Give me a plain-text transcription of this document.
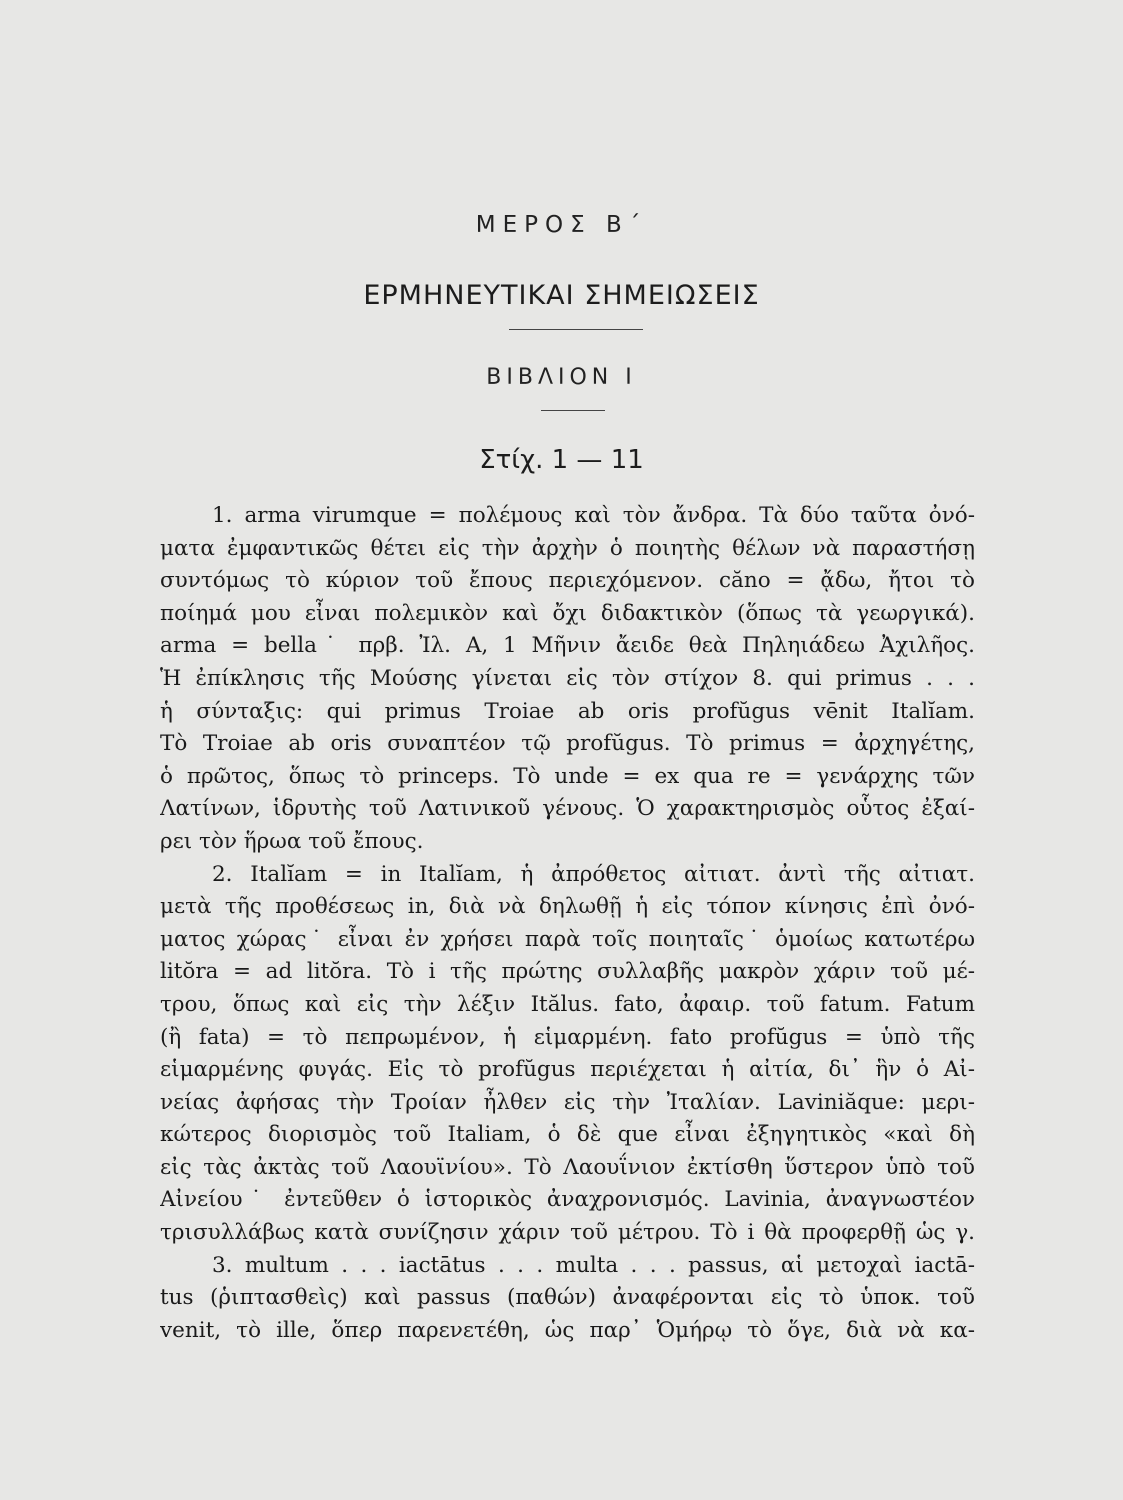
ΜΕΡΟΣ Β΄
ΕΡΜΗΝΕΥΤΙΚΑΙ ΣΗΜΕΙΩΣΕΙΣ
ΒΙΒΛΙΟΝ Ι
Στίχ. 1 — 11
1. arma virumque = πολέμους καὶ τὸν ἄνδρα. Τὰ δύο ταῦτα ὀνό-
ματα ἐμφαντικῶς θέτει εἰς τὴν ἀρχὴν ὁ ποιητὴς θέλων νὰ παραστήσῃ
συντόμως τὸ κύριον τοῦ ἔπους περιεχόμενον. căno = ᾄδω, ἤτοι τὸ
ποίημά μου εἶναι πολεμικὸν καὶ ὄχι διδακτικὸν (ὅπως τὰ γεωργικά).
arma = bella˙ πρβ. Ἰλ. Α, 1 Μῆνιν ἄειδε θεὰ Πηληιάδεω Ἀχιλῆος.
Ἡ ἐπίκλησις τῆς Μούσης γίνεται εἰς τὸν στίχον 8. qui primus . . .
ἡ σύνταξις: qui primus Troiae ab oris profŭgus vēnit Italĭam.
Τὸ Troiae ab oris συναπτέον τῷ profŭgus. Τὸ primus = ἀρχηγέτης,
ὁ πρῶτος, ὅπως τὸ princeps. Τὸ unde = ex qua re = γενάρχης τῶν
Λατίνων, ἱδρυτὴς τοῦ Λατινικοῦ γένους. Ὁ χαρακτηρισμὸς οὗτος ἐξαί-
ρει τὸν ἥρωα τοῦ ἔπους.
2. Italĭam = in Italĭam, ἡ ἀπρόθετος αἰτιατ. ἀντὶ τῆς αἰτιατ.
μετὰ τῆς προθέσεως in, διὰ νὰ δηλωθῇ ἡ εἰς τόπον κίνησις ἐπὶ ὀνό-
ματος χώρας˙ εἶναι ἐν χρήσει παρὰ τοῖς ποιηταῖς˙ ὁμοίως κατωτέρω
litŏra = ad litŏra. Τὸ i τῆς πρώτης συλλαβῆς μακρὸν χάριν τοῦ μέ-
τρου, ὅπως καὶ εἰς τὴν λέξιν Itălus. fato, ἀφαιρ. τοῦ fatum. Fatum
(ἢ fata) = τὸ πεπρωμένον, ἡ εἱμαρμένη. fato profŭgus = ὑπὸ τῆς
εἱμαρμένης φυγάς. Εἰς τὸ profŭgus περιέχεται ἡ αἰτία, δι᾿ ἣν ὁ Αἰ-
νείας ἀφήσας τὴν Τροίαν ἦλθεν εἰς τὴν Ἰταλίαν. Laviniăque: μερι-
κώτερος διορισμὸς τοῦ Italiam, ὁ δὲ que εἶναι ἐξηγητικὸς «καὶ δὴ
εἰς τὰς ἀκτὰς τοῦ Λαουϊνίου». Τὸ Λαουΐνιον ἐκτίσθη ὕστερον ὑπὸ τοῦ
Αἰνείου˙ ἐντεῦθεν ὁ ἱστορικὸς ἀναχρονισμός. Lavinia, ἀναγνωστέον
τρισυλλάβως κατὰ συνίζησιν χάριν τοῦ μέτρου. Τὸ i θὰ προφερθῇ ὡς γ.
3. multum . . . iactātus . . . multa . . . passus, αἱ μετοχαὶ iactā-
tus (ῥιπτασθεὶς) καὶ passus (παθών) ἀναφέρονται εἰς τὸ ὑποκ. τοῦ
venit, τὸ ille, ὅπερ παρενετέθη, ὡς παρ᾿ Ὁμήρῳ τὸ ὅγε, διὰ νὰ κα-
